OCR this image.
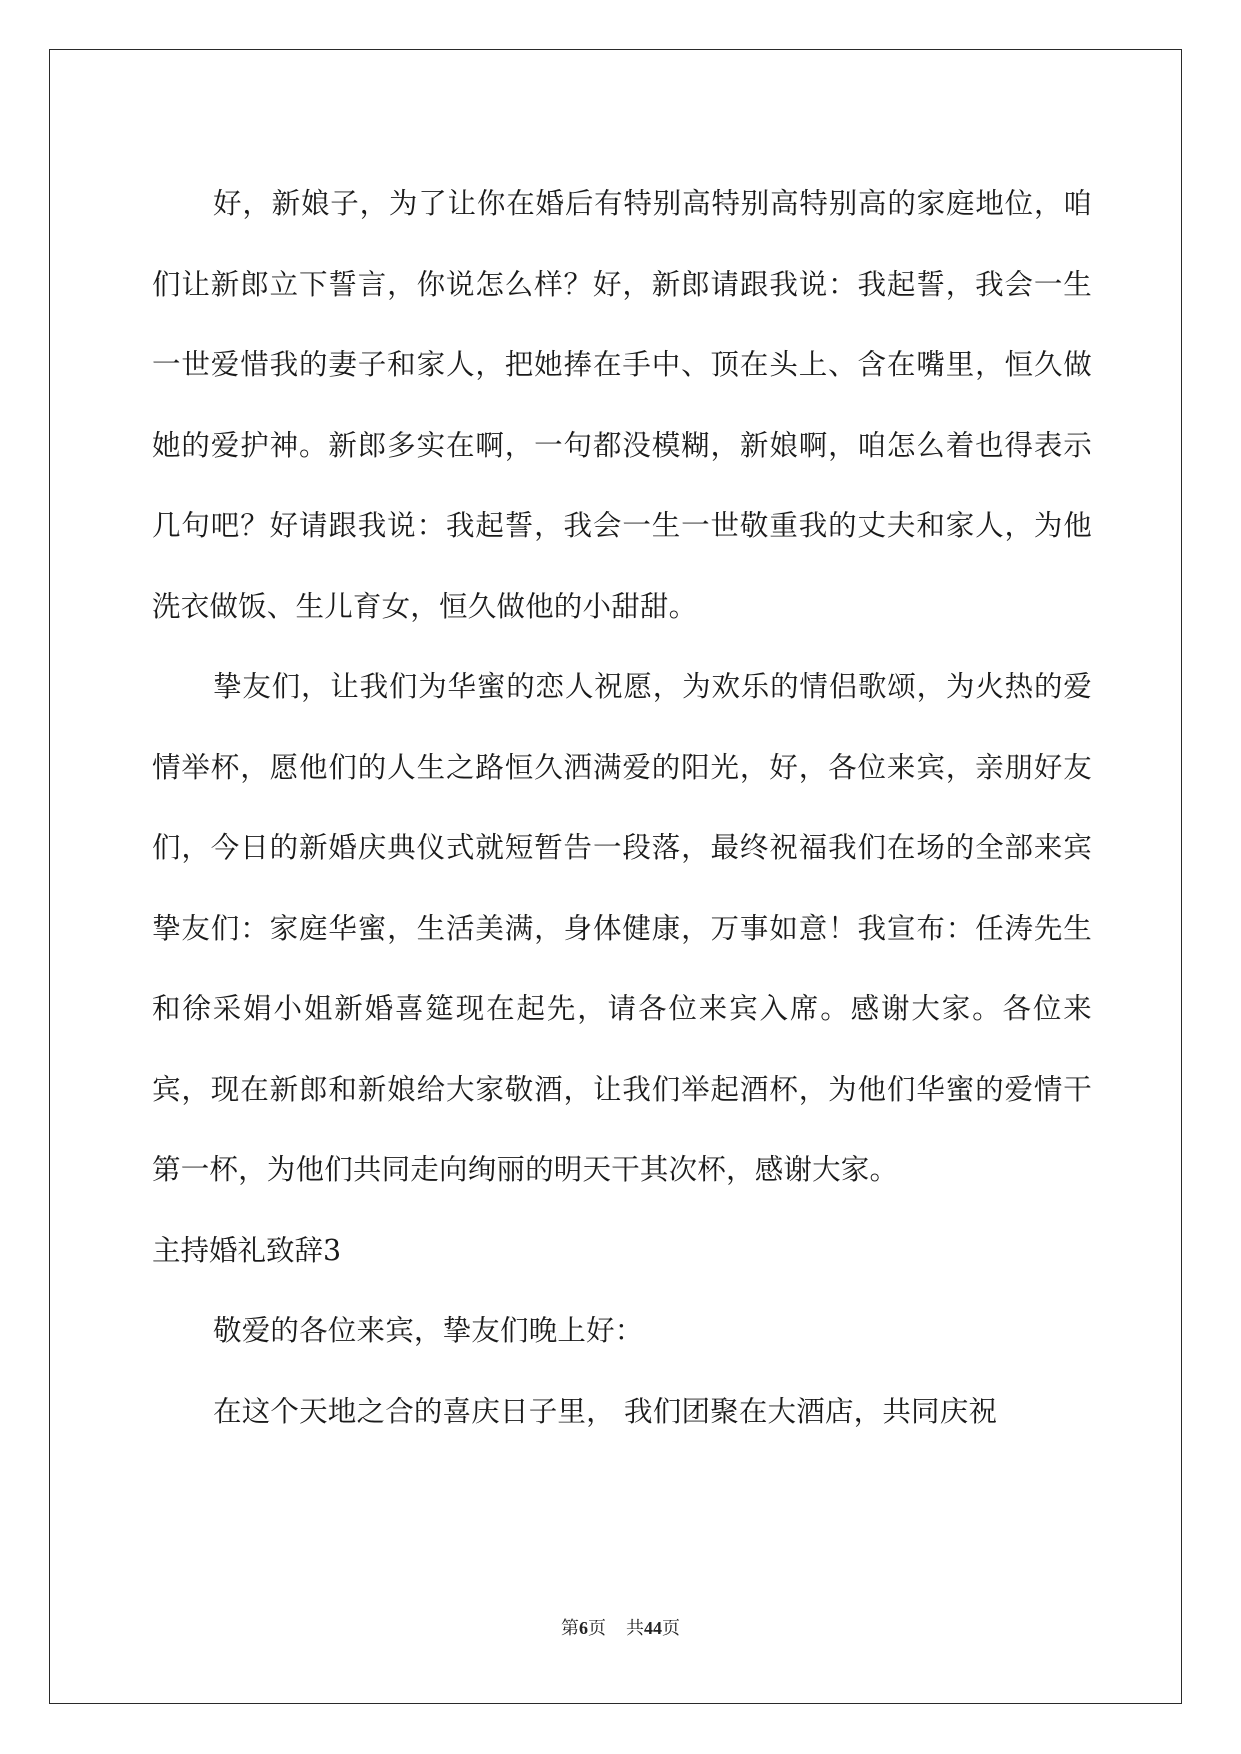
好，新娘子，为了让你在婚后有特别高特别高特别高的家庭地位，咱们让新郎立下誓言，你说怎么样？好，新郎请跟我说：我起誓，我会一生一世爱惜我的妻子和家人，把她捧在手中、顶在头上、含在嘴里，恒久做她的爱护神。新郎多实在啊，一句都没模糊，新娘啊，咱怎么着也得表示几句吧？好请跟我说：我起誓，我会一生一世敬重我的丈夫和家人，为他洗衣做饭、生儿育女，恒久做他的小甜甜。

挚友们，让我们为华蜜的恋人祝愿，为欢乐的情侣歌颂，为火热的爱情举杯，愿他们的人生之路恒久洒满爱的阳光，好，各位来宾，亲朋好友们，今日的新婚庆典仪式就短暂告一段落，最终祝福我们在场的全部来宾挚友们：家庭华蜜，生活美满，身体健康，万事如意！我宣布：任涛先生和徐采娟小姐新婚喜筵现在起先，请各位来宾入席。感谢大家。各位来宾，现在新郎和新娘给大家敬酒，让我们举起酒杯，为他们华蜜的爱情干第一杯，为他们共同走向绚丽的明天干其次杯，感谢大家。

主持婚礼致辞3

敬爱的各位来宾，挚友们晚上好：

在这个天地之合的喜庆日子里， 我们团聚在大酒店，共同庆祝

第6页 共44页
